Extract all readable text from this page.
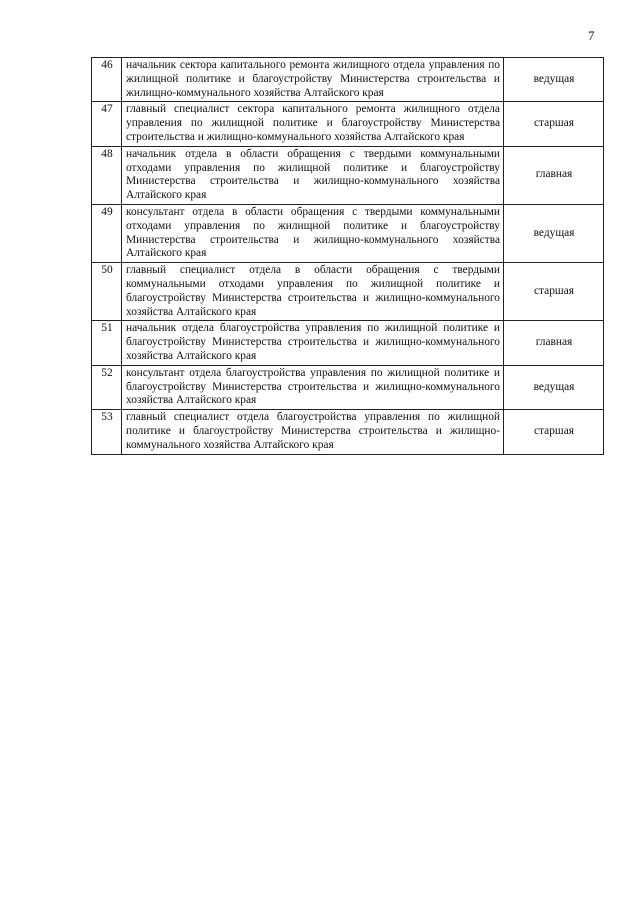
7
46	начальник сектора капитального ремонта жилищного отдела управления по жилищной политике и благоустройству Министерства строительства и жилищно-коммунального хозяйства Алтайского края	ведущая
47	главный специалист сектора капитального ремонта жилищного отдела управления по жилищной политике и благоустройству Министерства строительства и жилищно-коммунального хозяйства Алтайского края	старшая
48	начальник отдела в области обращения с твердыми коммунальными отходами управления по жилищной политике и благоустройству Министерства строительства и жилищно-коммунального хозяйства Алтайского края	главная
49	консультант отдела в области обращения с твердыми коммунальными отходами управления по жилищной политике и благоустройству Министерства строительства и жилищно-коммунального хозяйства Алтайского края	ведущая
50	главный специалист отдела в области обращения с твердыми коммунальными отходами управления по жилищной политике и благоустройству Министерства строительства и жилищно-коммунального хозяйства Алтайского края	старшая
51	начальник отдела благоустройства управления по жилищной политике и благоустройству Министерства строительства и жилищно-коммунального хозяйства Алтайского края	главная
52	консультант отдела благоустройства управления по жилищной политике и благоустройству Министерства строительства и жилищно-коммунального хозяйства Алтайского края	ведущая
53	главный специалист отдела благоустройства управления по жилищной политике и благоустройству Министерства строительства и жилищно-коммунального хозяйства Алтайского края	старшая
